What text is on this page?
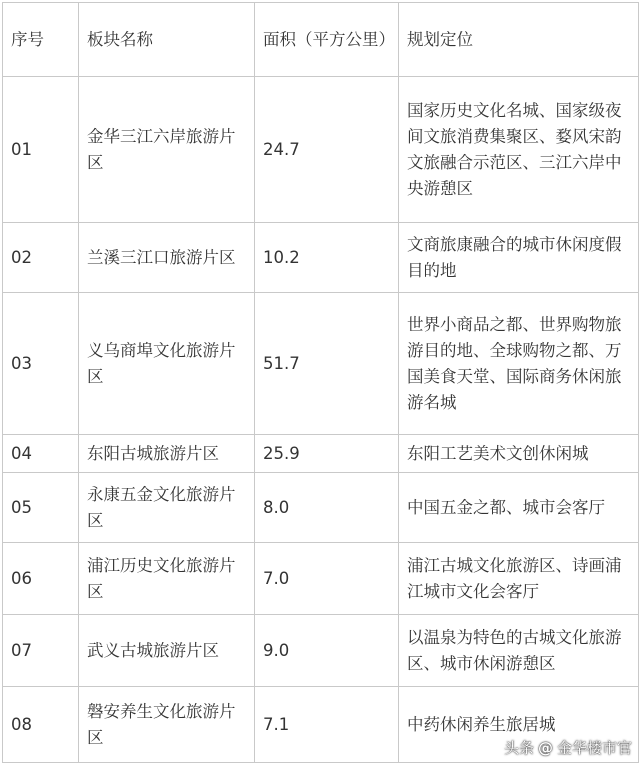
序号	板块名称	面积（平方公里）	规划定位
01	金华三江六岸旅游片区	24.7	国家历史文化名城、国家级夜间文旅消费集聚区、婺风宋韵文旅融合示范区、三江六岸中央游憩区
02	兰溪三江口旅游片区	10.2	文商旅康融合的城市休闲度假目的地
03	义乌商埠文化旅游片区	51.7	世界小商品之都、世界购物旅游目的地、全球购物之都、万国美食天堂、国际商务休闲旅游名城
04	东阳古城旅游片区	25.9	东阳工艺美术文创休闲城
05	永康五金文化旅游片区	8.0	中国五金之都、城市会客厅
06	浦江历史文化旅游片区	7.0	浦江古城文化旅游区、诗画浦江城市文化会客厅
07	武义古城旅游片区	9.0	以温泉为特色的古城文化旅游区、城市休闲游憩区
08	磐安养生文化旅游片区	7.1	中药休闲养生旅居城
头条 @ 金华楼市官
